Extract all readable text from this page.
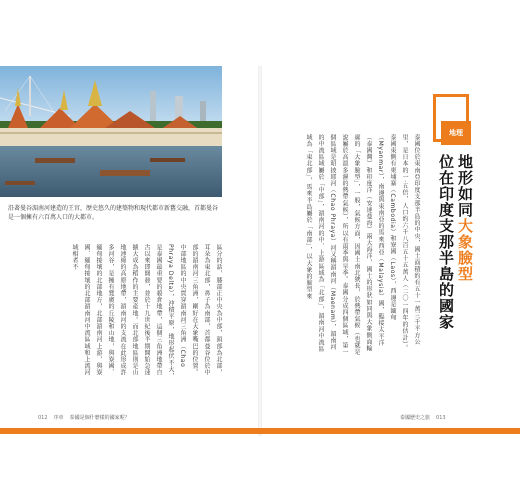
沿著曼谷湄南河建造的王宮，歷史悠久的建築物和現代都市新舊交融，首都曼谷是一個擁有六百萬人口的大都市。
區分的話，膝部正中央為中部，頭部為北部，耳朵為東北部，鼻子為南部，首都曼谷位於中部的湄南河三角洲，剛好在大象嘴巴的位置。中部地區的中央貫穿湄南河三角洲（Chao Phraya Delta），沖積平原，地形起伏不大，是泰國最重要的穀倉地帶，這個三角洲地帶自古以來即開發，並於十九世紀後半期開始急速擴大成為稻作的主要產地。而北部地區則是山地連綿的高原地帶，湄南河的支流在此形成許多河谷，是擁有寬廣的丘陵和山地，與寮國、緬甸接壤的北部地方，北部湄南河上游，與寮國、緬甸接壤的北部湄南河中流區域和上流河域相者不	泰國位於東南亞印度支那半島的中央，國土面積約有五十一萬三千平方公里，是日本的一·五倍，人口約六千八百五十五萬人（二〇一四年的估計）。泰國東側有柬埔寨（Cambodia）和寮國（Laos），西邊是緬甸（Myanmar），南邊與東南亞的馬來西亞（Malaysia）國，臨接太平洋（泰國灣）和印度洋（安達曼海）兩大海洋，國土的形狀如同與大象側面輪廓的「大象臉型」，一般，氣候方面，因國土南北狹長，於熱帶氣候（也就是說屬於高溫多濕的熱帶氣候），所以有雨季與旱季。泰國分成四個區域，第一個區域是昭披耶河（Chao Phraya）河又稱湄南河（Maenam），湄南河的中流區域屬於「中部」，湄南河的中、上游區域為「北部」，湄南河中流區域為「東北部」，馬來半島屬於「南部」，以大象的臉型來
地理
地形如同大象臉型
位在印度支那半島的國家
012 序章 泰國是個什麼樣的國家呢？	泰國歷史之旅 013
